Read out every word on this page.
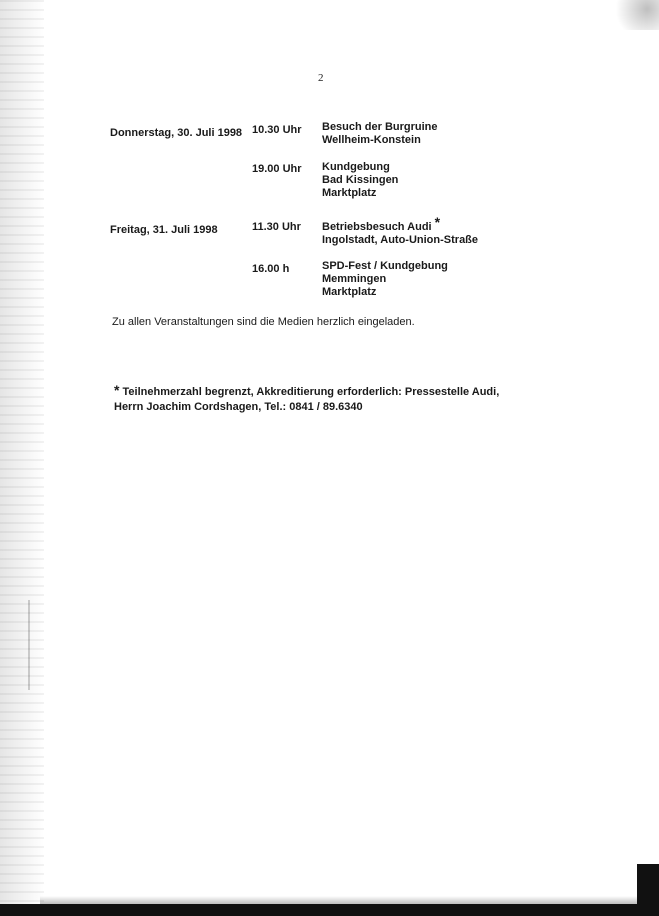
2
Donnerstag, 30. Juli 1998 10.30 Uhr Besuch der Burgruine
Wellheim-Konstein
19.00 Uhr Kundgebung
Bad Kissingen
Marktplatz
Freitag, 31. Juli 1998	11.30 Uhr Betriebsbesuch Audi *
Ingolstadt, Auto-Union-Straße
16.00 h	SPD-Fest / Kundgebung
Memmingen
Marktplatz
Zu allen Veranstaltungen sind die Medien herzlich eingeladen.
* Teilnehmerzahl begrenzt, Akkreditierung erforderlich: Pressestelle Audi,
Herrn Joachim Cordshagen, Tel.: 0841 / 89.6340
